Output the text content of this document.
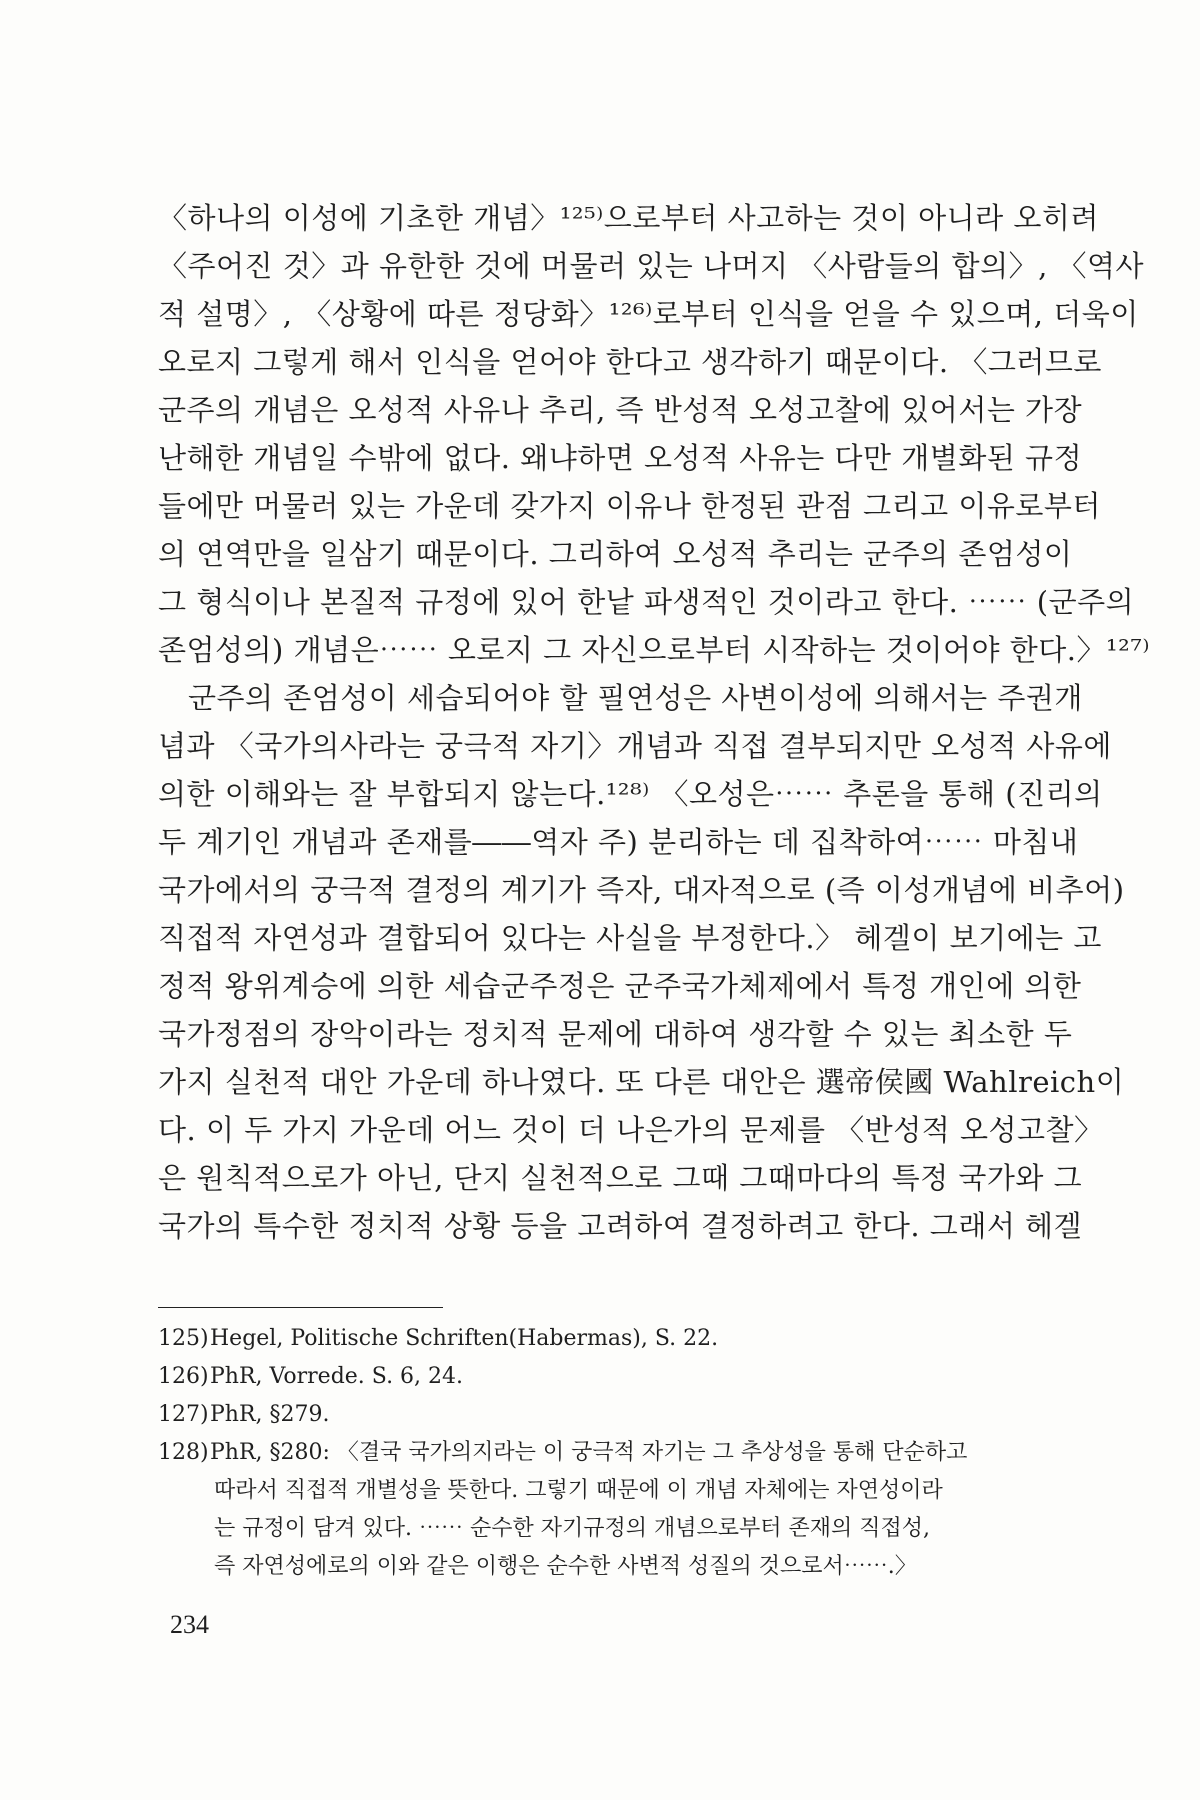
〈하나의 이성에 기초한 개념〉¹²⁵⁾으로부터 사고하는 것이 아니라 오히려
〈주어진 것〉과 유한한 것에 머물러 있는 나머지 〈사람들의 합의〉, 〈역사
적 설명〉, 〈상황에 따른 정당화〉¹²⁶⁾로부터 인식을 얻을 수 있으며, 더욱이
오로지 그렇게 해서 인식을 얻어야 한다고 생각하기 때문이다. 〈그러므로
군주의 개념은 오성적 사유나 추리, 즉 반성적 오성고찰에 있어서는 가장
난해한 개념일 수밖에 없다. 왜냐하면 오성적 사유는 다만 개별화된 규정
들에만 머물러 있는 가운데 갖가지 이유나 한정된 관점 그리고 이유로부터
의 연역만을 일삼기 때문이다. 그리하여 오성적 추리는 군주의 존엄성이
그 형식이나 본질적 규정에 있어 한낱 파생적인 것이라고 한다. ⋯⋯ (군주의
존엄성의) 개념은⋯⋯ 오로지 그 자신으로부터 시작하는 것이어야 한다.〉¹²⁷⁾
군주의 존엄성이 세습되어야 할 필연성은 사변이성에 의해서는 주권개
념과 〈국가의사라는 궁극적 자기〉개념과 직접 결부되지만 오성적 사유에
의한 이해와는 잘 부합되지 않는다.¹²⁸⁾ 〈오성은⋯⋯ 추론을 통해 (진리의
두 계기인 개념과 존재를――역자 주) 분리하는 데 집착하여⋯⋯ 마침내
국가에서의 궁극적 결정의 계기가 즉자, 대자적으로 (즉 이성개념에 비추어)
직접적 자연성과 결합되어 있다는 사실을 부정한다.〉 헤겔이 보기에는 고
정적 왕위계승에 의한 세습군주정은 군주국가체제에서 특정 개인에 의한
국가정점의 장악이라는 정치적 문제에 대하여 생각할 수 있는 최소한 두
가지 실천적 대안 가운데 하나였다. 또 다른 대안은 選帝侯國 Wahlreich이
다. 이 두 가지 가운데 어느 것이 더 나은가의 문제를 〈반성적 오성고찰〉
은 원칙적으로가 아닌, 단지 실천적으로 그때 그때마다의 특정 국가와 그
국가의 특수한 정치적 상황 등을 고려하여 결정하려고 한다. 그래서 헤겔
125)Hegel, Politische Schriften(Habermas), S. 22.
126)PhR, Vorrede. S. 6, 24.
127)PhR, §279.
128)PhR, §280: 〈결국 국가의지라는 이 궁극적 자기는 그 추상성을 통해 단순하고
따라서 직접적 개별성을 뜻한다. 그렇기 때문에 이 개념 자체에는 자연성이라
는 규정이 담겨 있다. ⋯⋯ 순수한 자기규정의 개념으로부터 존재의 직접성,
즉 자연성에로의 이와 같은 이행은 순수한 사변적 성질의 것으로서⋯⋯.〉
234
